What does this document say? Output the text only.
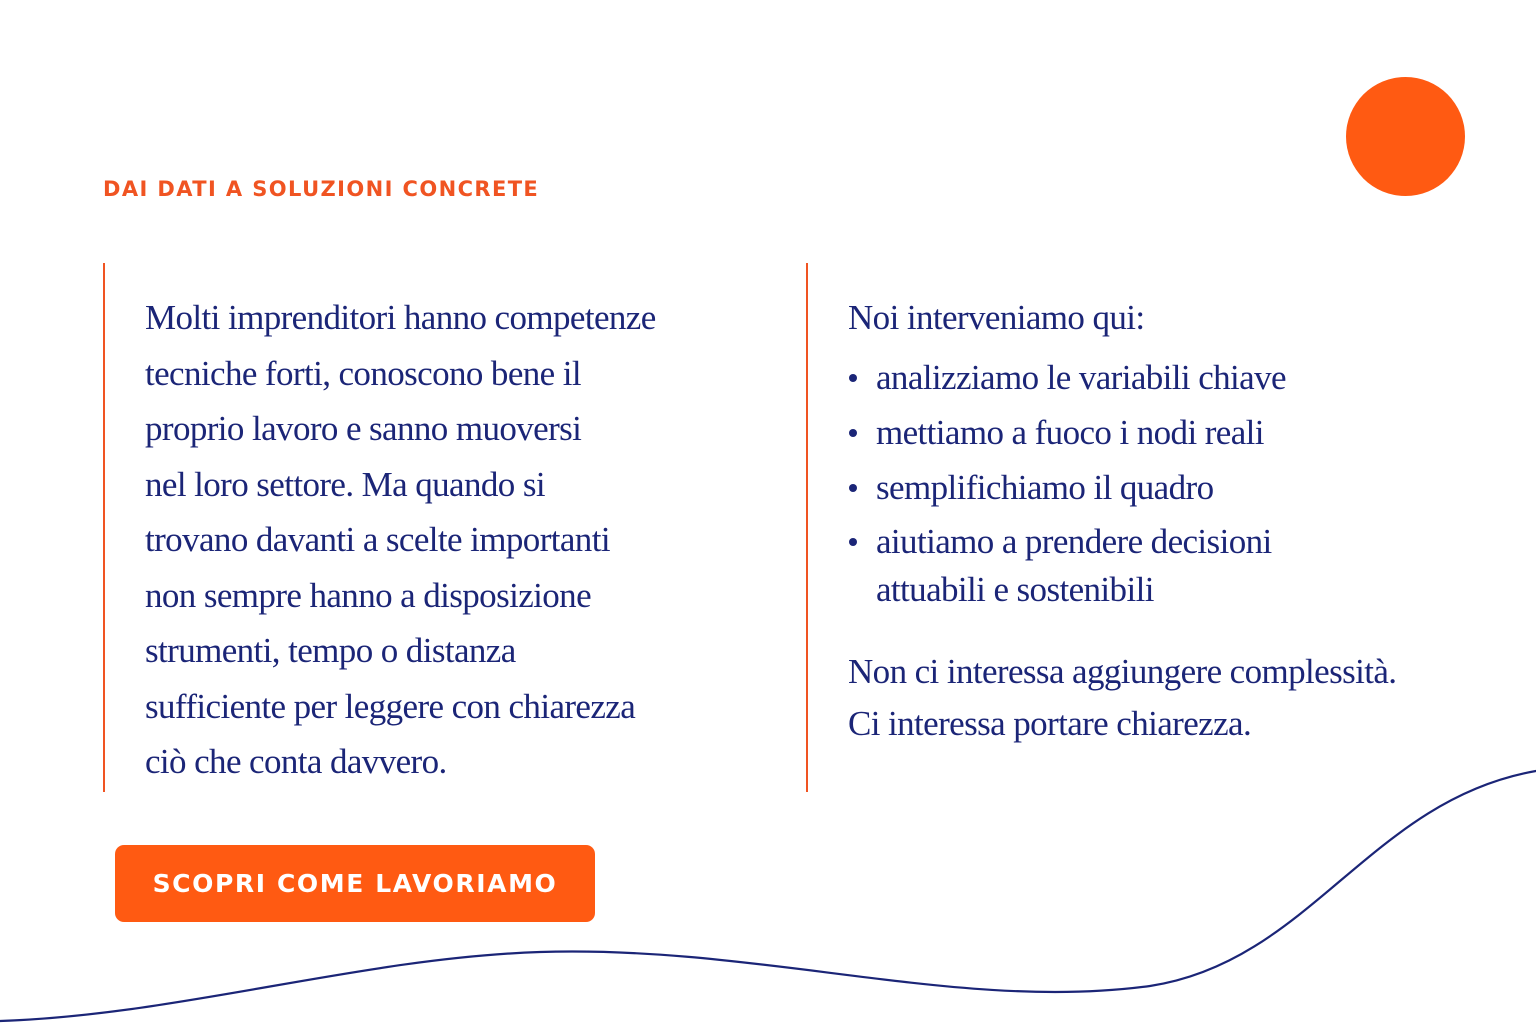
DAI DATI A SOLUZIONI CONCRETE

Molti imprenditori hanno competenze
tecniche forti, conoscono bene il
proprio lavoro e sanno muoversi
nel loro settore. Ma quando si
trovano davanti a scelte importanti
non sempre hanno a disposizione
strumenti, tempo o distanza
sufficiente per leggere con chiarezza
ciò che conta davvero.

Noi interveniamo qui:

analizziamo le variabili chiave
mettiamo a fuoco i nodi reali
semplifichiamo il quadro
aiutiamo a prendere decisioni
attuabili e sostenibili

Non ci interessa aggiungere complessità.
Ci interessa portare chiarezza.

SCOPRI COME LAVORIAMO
